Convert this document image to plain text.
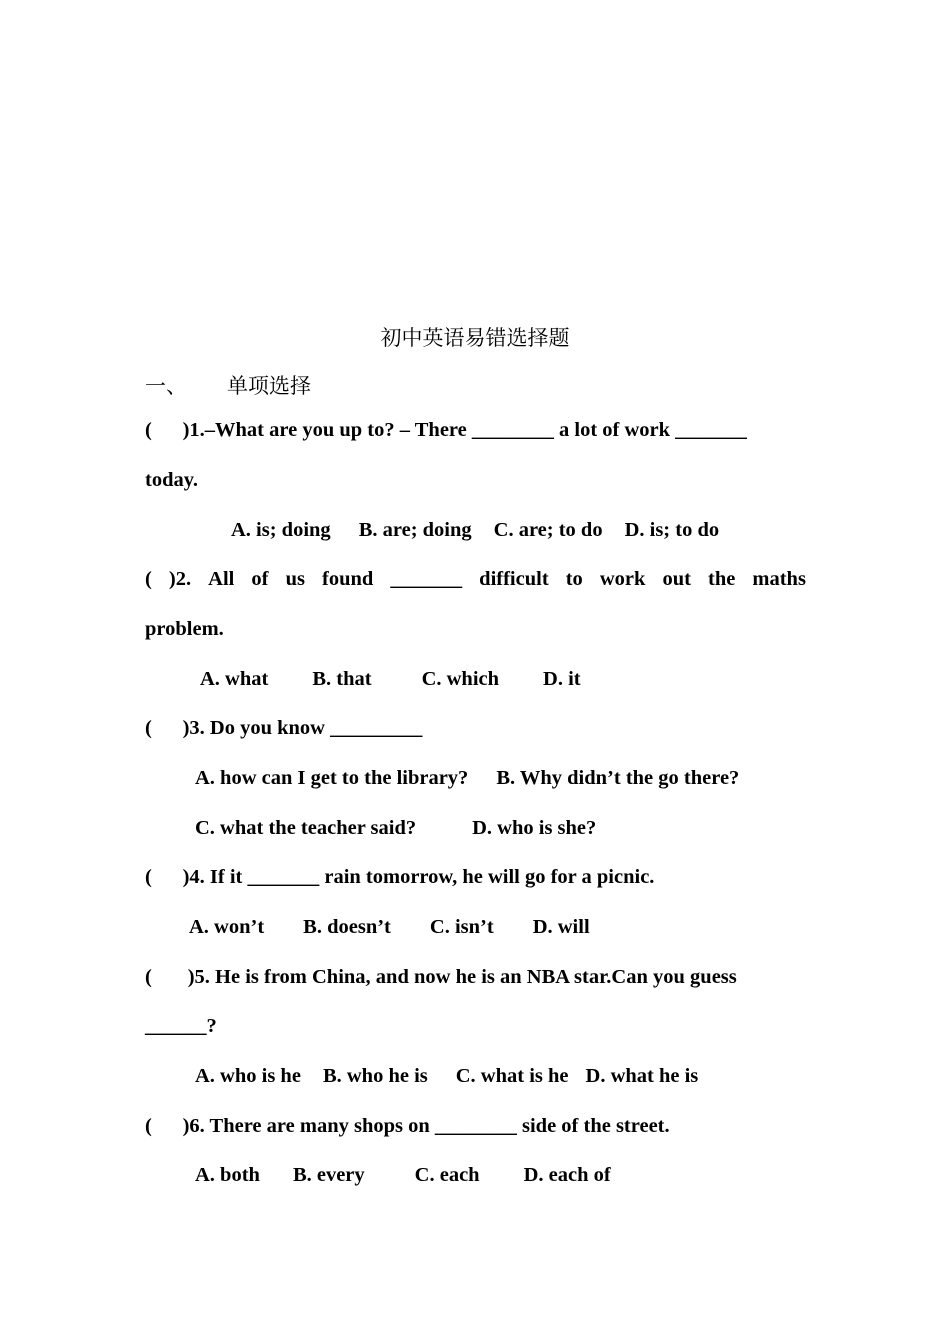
初中英语易错选择题
一、 单项选择
(      )1.–What are you up to? – There ________ a lot of work _______
today.
A. is; doing B. are; doing C. are; to do D. is; to do
( )2. All of us found _______ difficult to work out the maths
problem.
A. what B. that C. which D. it
(      )3. Do you know _________
A. how can I get to the library? B. Why didn’t the go there?
C. what the teacher said?	D. who is she?
(      )4. If it _______ rain tomorrow, he will go for a picnic.
A. won’t B. doesn’t C. isn’t D. will
(       )5. He is from China, and now he is an NBA star.Can you guess
______?
A. who is he B. who he is C. what is he D. what he is
(      )6. There are many shops on ________ side of the street.
A. both B. every C. each D. each of
